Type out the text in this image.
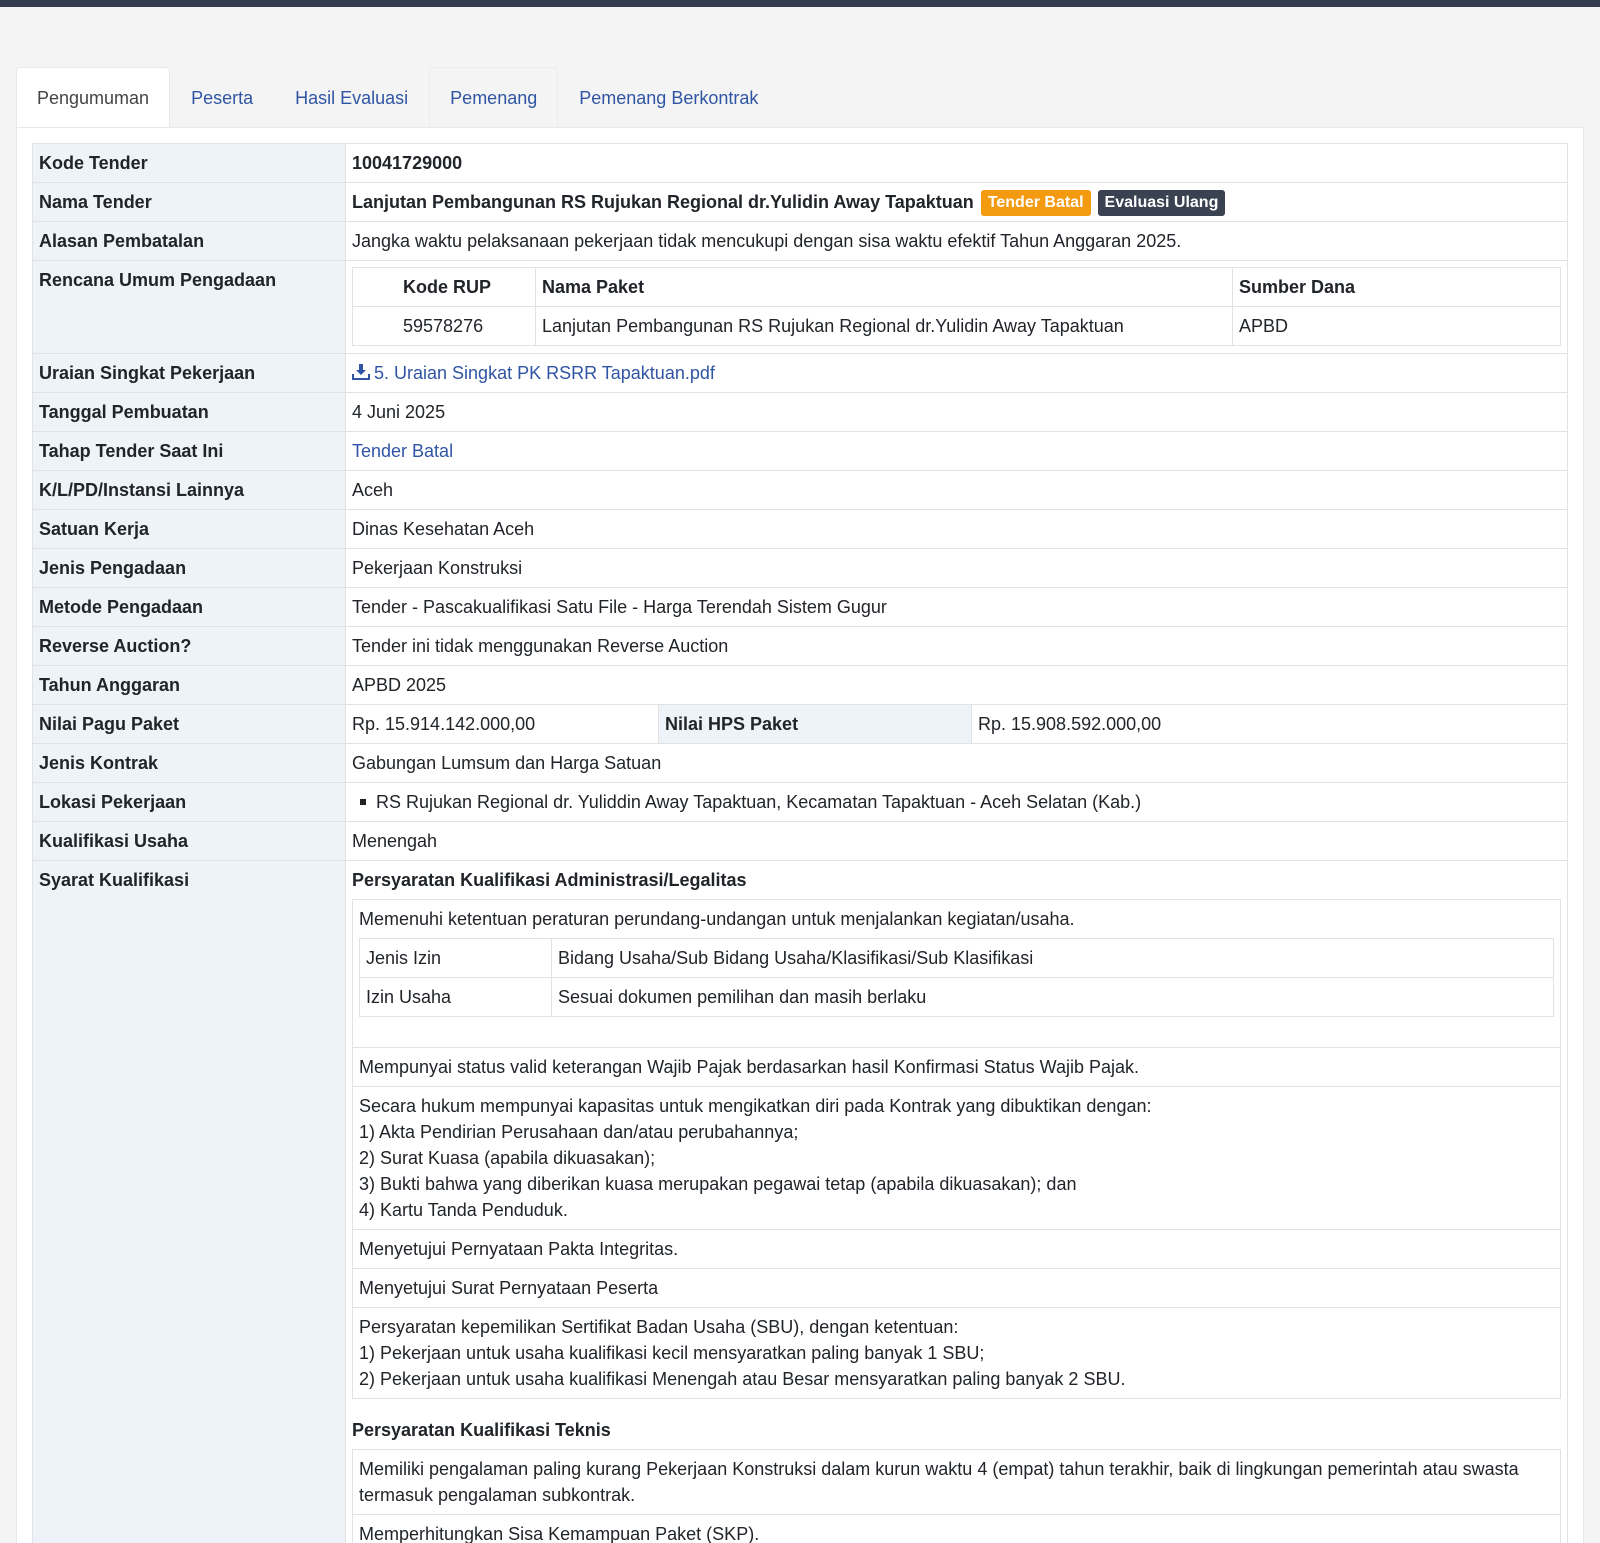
Pengumuman	Peserta	Hasil Evaluasi	Pemenang	Pemenang Berkontrak
Kode Tender	10041729000
Nama Tender	Lanjutan Pembangunan RS Rujukan Regional dr.Yulidin Away Tapaktuan Tender Batal Evaluasi Ulang
Alasan Pembatalan	Jangka waktu pelaksanaan pekerjaan tidak mencukupi dengan sisa waktu efektif Tahun Anggaran 2025.
Rencana Umum Pengadaan		Kode RUP	Nama Paket	Sumber Dana
59578276	Lanjutan Pembangunan RS Rujukan Regional dr.Yulidin Away Tapaktuan	APBD

Uraian Singkat Pekerjaan	5. Uraian Singkat PK RSRR Tapaktuan.pdf
Tanggal Pembuatan	4 Juni 2025
Tahap Tender Saat Ini	Tender Batal
K/L/PD/Instansi Lainnya	Aceh
Satuan Kerja	Dinas Kesehatan Aceh
Jenis Pengadaan	Pekerjaan Konstruksi
Metode Pengadaan	Tender - Pascakualifikasi Satu File - Harga Terendah Sistem Gugur
Reverse Auction?	Tender ini tidak menggunakan Reverse Auction
Tahun Anggaran	APBD 2025
Nilai Pagu Paket	Rp. 15.914.142.000,00	Nilai HPS Paket	Rp. 15.908.592.000,00

Jenis Kontrak	Gabungan Lumsum dan Harga Satuan
Lokasi Pekerjaan	RS Rujukan Regional dr. Yuliddin Away Tapaktuan, Kecamatan Tapaktuan - Aceh Selatan (Kab.)
Kualifikasi Usaha	Menengah
Syarat Kualifikasi	Persyaratan Kualifikasi Administrasi/Legalitas
Memenuhi ketentuan peraturan perundang-undangan untuk menjalankan kegiatan/usaha.
Jenis Izin	Bidang Usaha/Sub Bidang Usaha/Klasifikasi/Sub Klasifikasi
Izin Usaha	Sesuai dokumen pemilihan dan masih berlaku

Mempunyai status valid keterangan Wajib Pajak berdasarkan hasil Konfirmasi Status Wajib Pajak.
Secara hukum mempunyai kapasitas untuk mengikatkan diri pada Kontrak yang dibuktikan dengan:
1) Akta Pendirian Perusahaan dan/atau perubahannya;
2) Surat Kuasa (apabila dikuasakan);
3) Bukti bahwa yang diberikan kuasa merupakan pegawai tetap (apabila dikuasakan); dan
4) Kartu Tanda Penduduk.
Menyetujui Pernyataan Pakta Integritas.
Menyetujui Surat Pernyataan Peserta
Persyaratan kepemilikan Sertifikat Badan Usaha (SBU), dengan ketentuan:
1) Pekerjaan untuk usaha kualifikasi kecil mensyaratkan paling banyak 1 SBU;
2) Pekerjaan untuk usaha kualifikasi Menengah atau Besar mensyaratkan paling banyak 2 SBU.
Persyaratan Kualifikasi Teknis
Memiliki pengalaman paling kurang Pekerjaan Konstruksi dalam kurun waktu 4 (empat) tahun terakhir, baik di lingkungan pemerintah atau swasta termasuk pengalaman subkontrak.
Memperhitungkan Sisa Kemampuan Paket (SKP).
